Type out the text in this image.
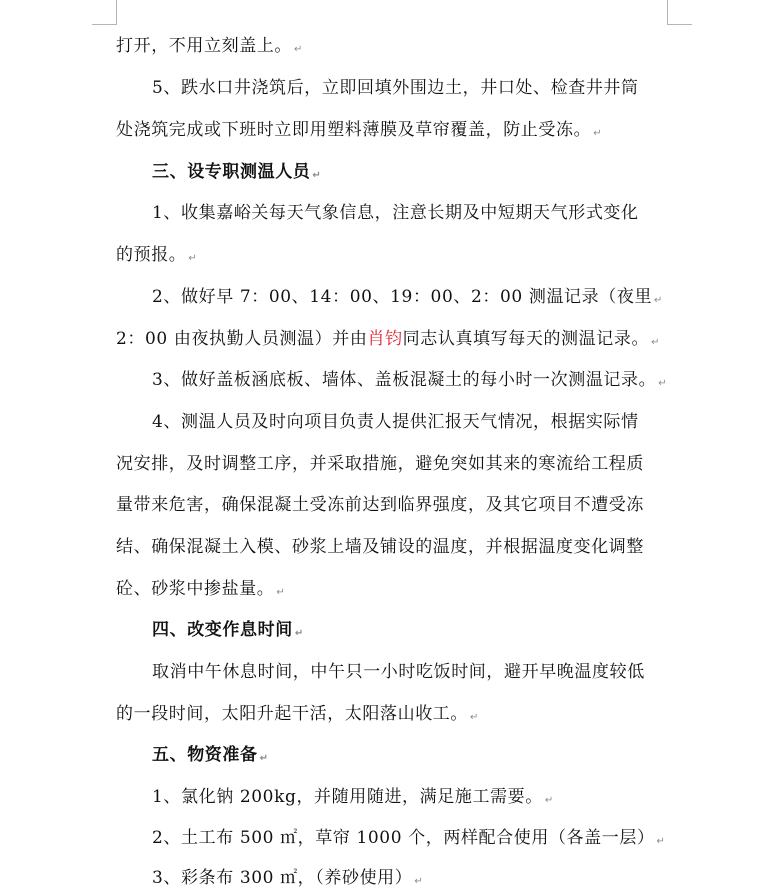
打开，不用立刻盖上。 ↵
5、跌水口井浇筑后，立即回填外围边土，井口处、检查井井筒
处浇筑完成或下班时立即用塑料薄膜及草帘覆盖，防止受冻。 ↵
三、设专职测温人员 ↵
1、收集嘉峪关每天气象信息，注意长期及中短期天气形式变化
的预报。 ↵
2、做好早 7：00、14：00、19：00、2：00 测温记录（夜里 ↵
2：00 由夜执勤人员测温）并由肖钧同志认真填写每天的测温记录。 ↵
3、做好盖板涵底板、墙体、盖板混凝土的每小时一次测温记录。 ↵
4、测温人员及时向项目负责人提供汇报天气情况，根据实际情
况安排，及时调整工序，并采取措施，避免突如其来的寒流给工程质
量带来危害，确保混凝土受冻前达到临界强度，及其它项目不遭受冻
结、确保混凝土入模、砂浆上墙及铺设的温度，并根据温度变化调整
砼、砂浆中掺盐量。 ↵
四、改变作息时间 ↵
取消中午休息时间，中午只一小时吃饭时间，避开早晚温度较低
的一段时间，太阳升起干活，太阳落山收工。 ↵
五、物资准备 ↵
1、氯化钠 200kg，并随用随进，满足施工需要。 ↵
2、土工布 500 ㎡，草帘 1000 个，两样配合使用（各盖一层） ↵
3、彩条布 300 ㎡，（养砂使用） ↵
